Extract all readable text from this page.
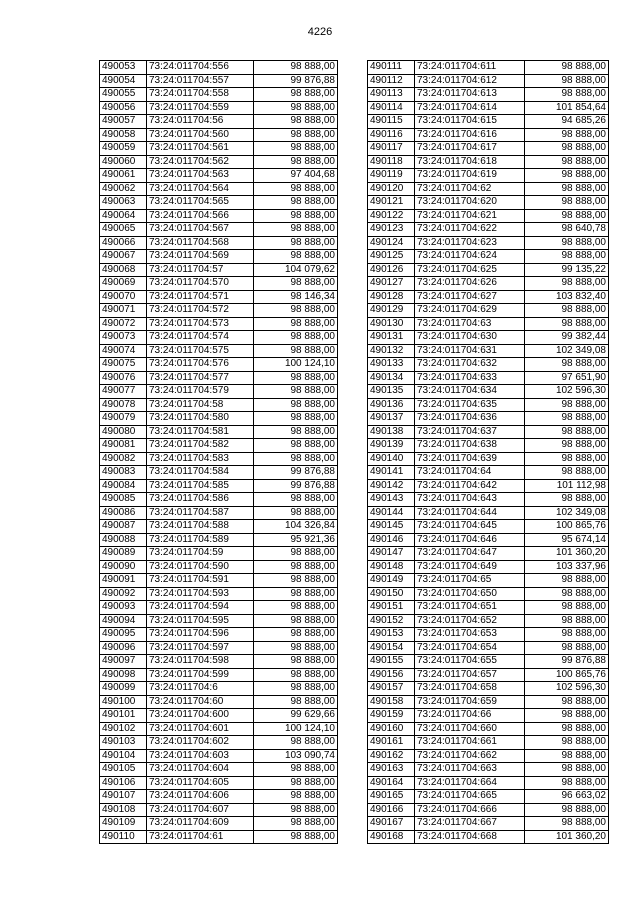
4226
490053	73:24:011704:556	98 888,00
490054	73:24:011704:557	99 876,88
490055	73:24:011704:558	98 888,00
490056	73:24:011704:559	98 888,00
490057	73:24:011704:56	98 888,00
490058	73:24:011704:560	98 888,00
490059	73:24:011704:561	98 888,00
490060	73:24:011704:562	98 888,00
490061	73:24:011704:563	97 404,68
490062	73:24:011704:564	98 888,00
490063	73:24:011704:565	98 888,00
490064	73:24:011704:566	98 888,00
490065	73:24:011704:567	98 888,00
490066	73:24:011704:568	98 888,00
490067	73:24:011704:569	98 888,00
490068	73:24:011704:57	104 079,62
490069	73:24:011704:570	98 888,00
490070	73:24:011704:571	98 146,34
490071	73:24:011704:572	98 888,00
490072	73:24:011704:573	98 888,00
490073	73:24:011704:574	98 888,00
490074	73:24:011704:575	98 888,00
490075	73:24:011704:576	100 124,10
490076	73:24:011704:577	98 888,00
490077	73:24:011704:579	98 888,00
490078	73:24:011704:58	98 888,00
490079	73:24:011704:580	98 888,00
490080	73:24:011704:581	98 888,00
490081	73:24:011704:582	98 888,00
490082	73:24:011704:583	98 888,00
490083	73:24:011704:584	99 876,88
490084	73:24:011704:585	99 876,88
490085	73:24:011704:586	98 888,00
490086	73:24:011704:587	98 888,00
490087	73:24:011704:588	104 326,84
490088	73:24:011704:589	95 921,36
490089	73:24:011704:59	98 888,00
490090	73:24:011704:590	98 888,00
490091	73:24:011704:591	98 888,00
490092	73:24:011704:593	98 888,00
490093	73:24:011704:594	98 888,00
490094	73:24:011704:595	98 888,00
490095	73:24:011704:596	98 888,00
490096	73:24:011704:597	98 888,00
490097	73:24:011704:598	98 888,00
490098	73:24:011704:599	98 888,00
490099	73:24:011704:6	98 888,00
490100	73:24:011704:60	98 888,00
490101	73:24:011704:600	99 629,66
490102	73:24:011704:601	100 124,10
490103	73:24:011704:602	98 888,00
490104	73:24:011704:603	103 090,74
490105	73:24:011704:604	98 888,00
490106	73:24:011704:605	98 888,00
490107	73:24:011704:606	98 888,00
490108	73:24:011704:607	98 888,00
490109	73:24:011704:609	98 888,00
490110	73:24:011704:61	98 888,00
490111	73:24:011704:611	98 888,00
490112	73:24:011704:612	98 888,00
490113	73:24:011704:613	98 888,00
490114	73:24:011704:614	101 854,64
490115	73:24:011704:615	94 685,26
490116	73:24:011704:616	98 888,00
490117	73:24:011704:617	98 888,00
490118	73:24:011704:618	98 888,00
490119	73:24:011704:619	98 888,00
490120	73:24:011704:62	98 888,00
490121	73:24:011704:620	98 888,00
490122	73:24:011704:621	98 888,00
490123	73:24:011704:622	98 640,78
490124	73:24:011704:623	98 888,00
490125	73:24:011704:624	98 888,00
490126	73:24:011704:625	99 135,22
490127	73:24:011704:626	98 888,00
490128	73:24:011704:627	103 832,40
490129	73:24:011704:629	98 888,00
490130	73:24:011704:63	98 888,00
490131	73:24:011704:630	99 382,44
490132	73:24:011704:631	102 349,08
490133	73:24:011704:632	98 888,00
490134	73:24:011704:633	97 651,90
490135	73:24:011704:634	102 596,30
490136	73:24:011704:635	98 888,00
490137	73:24:011704:636	98 888,00
490138	73:24:011704:637	98 888,00
490139	73:24:011704:638	98 888,00
490140	73:24:011704:639	98 888,00
490141	73:24:011704:64	98 888,00
490142	73:24:011704:642	101 112,98
490143	73:24:011704:643	98 888,00
490144	73:24:011704:644	102 349,08
490145	73:24:011704:645	100 865,76
490146	73:24:011704:646	95 674,14
490147	73:24:011704:647	101 360,20
490148	73:24:011704:649	103 337,96
490149	73:24:011704:65	98 888,00
490150	73:24:011704:650	98 888,00
490151	73:24:011704:651	98 888,00
490152	73:24:011704:652	98 888,00
490153	73:24:011704:653	98 888,00
490154	73:24:011704:654	98 888,00
490155	73:24:011704:655	99 876,88
490156	73:24:011704:657	100 865,76
490157	73:24:011704:658	102 596,30
490158	73:24:011704:659	98 888,00
490159	73:24:011704:66	98 888,00
490160	73:24:011704:660	98 888,00
490161	73:24:011704:661	98 888,00
490162	73:24:011704:662	98 888,00
490163	73:24:011704:663	98 888,00
490164	73:24:011704:664	98 888,00
490165	73:24:011704:665	96 663,02
490166	73:24:011704:666	98 888,00
490167	73:24:011704:667	98 888,00
490168	73:24:011704:668	101 360,20
